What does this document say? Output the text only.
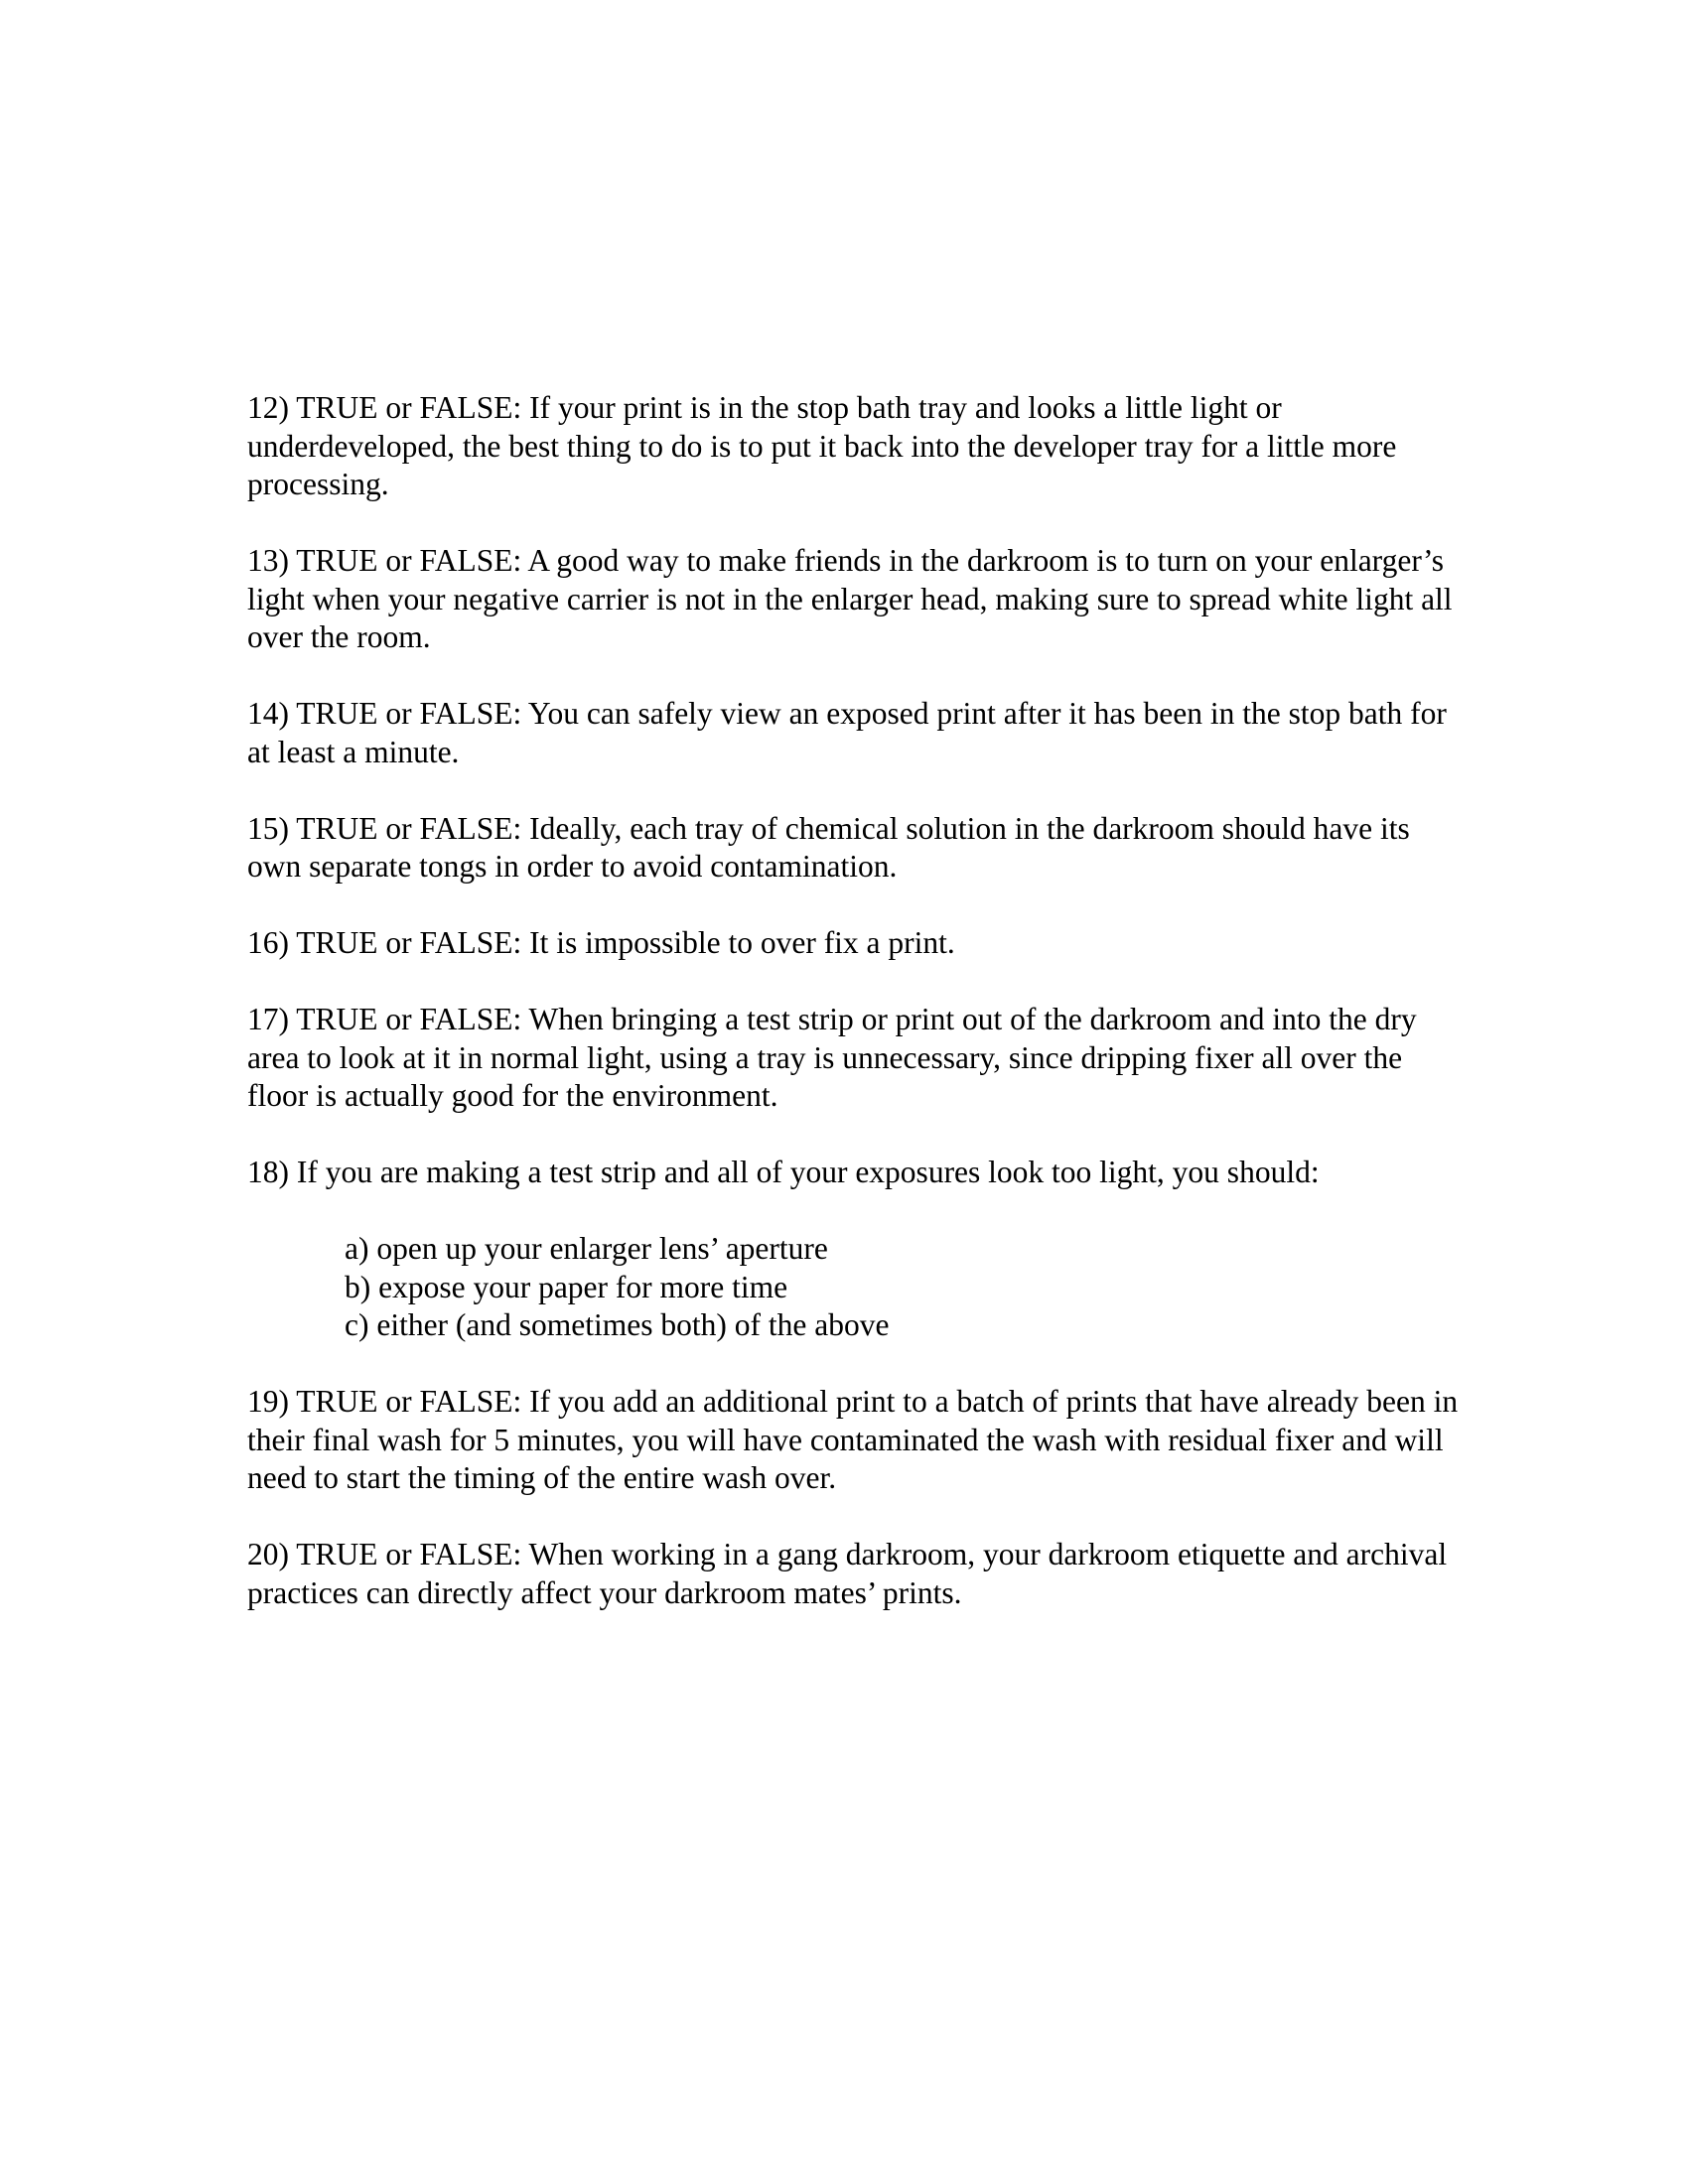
12) TRUE or FALSE: If your print is in the stop bath tray and looks a little light or underdeveloped, the best thing to do is to put it back into the developer tray for a little more processing.

13) TRUE or FALSE: A good way to make friends in the darkroom is to turn on your enlarger’s light when your negative carrier is not in the enlarger head, making sure to spread white light all over the room.

14) TRUE or FALSE: You can safely view an exposed print after it has been in the stop bath for at least a minute.

15) TRUE or FALSE: Ideally, each tray of chemical solution in the darkroom should have its own separate tongs in order to avoid contamination.

16) TRUE or FALSE: It is impossible to over fix a print.

17) TRUE or FALSE: When bringing a test strip or print out of the darkroom and into the dry area to look at it in normal light, using a tray is unnecessary, since dripping fixer all over the floor is actually good for the environment.

18) If you are making a test strip and all of your exposures look too light, you should:

a) open up your enlarger lens’ aperture

b) expose your paper for more time

c) either (and sometimes both) of the above

19) TRUE or FALSE: If you add an additional print to a batch of prints that have already been in their final wash for 5 minutes, you will have contaminated the wash with residual fixer and will need to start the timing of the entire wash over.

20) TRUE or FALSE: When working in a gang darkroom, your darkroom etiquette and archival practices can directly affect your darkroom mates’ prints.
